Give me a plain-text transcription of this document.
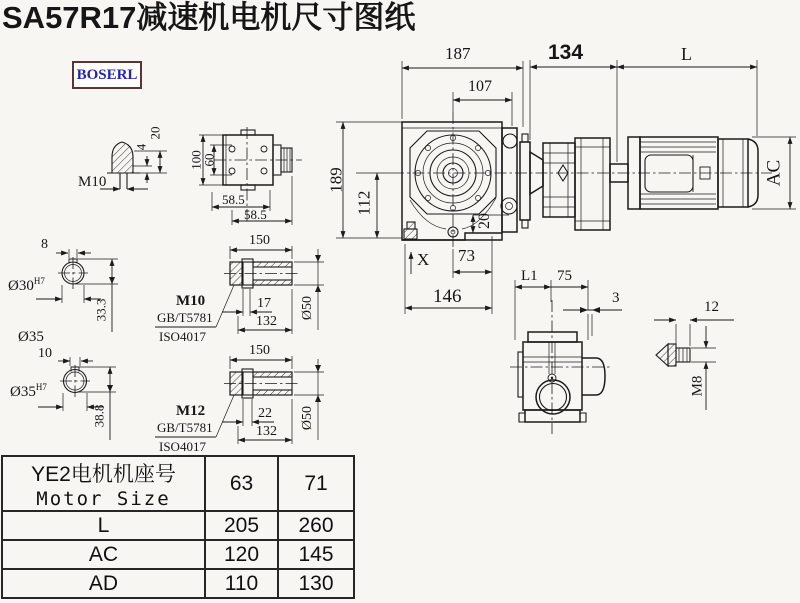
SA57R17减速机电机尺寸图纸
BOSERL
187
107
134	L
189
112
20
X 73
146
AC
4
20
M10
100
60
58.5
58.5
8
$Ø30^{H7}$
33.3
Ø35
10
$Ø35^{H7}$
38.8
150
M10
GB/T5781
ISO4017
17
132
Ø50
150
M12
GB/T5781
ISO4017
22
132
Ø50
L1 75
3
12
M8
YE2电机机座号
Motor Size	63	71
L	205	260
AC	120	145
AD	110	130
